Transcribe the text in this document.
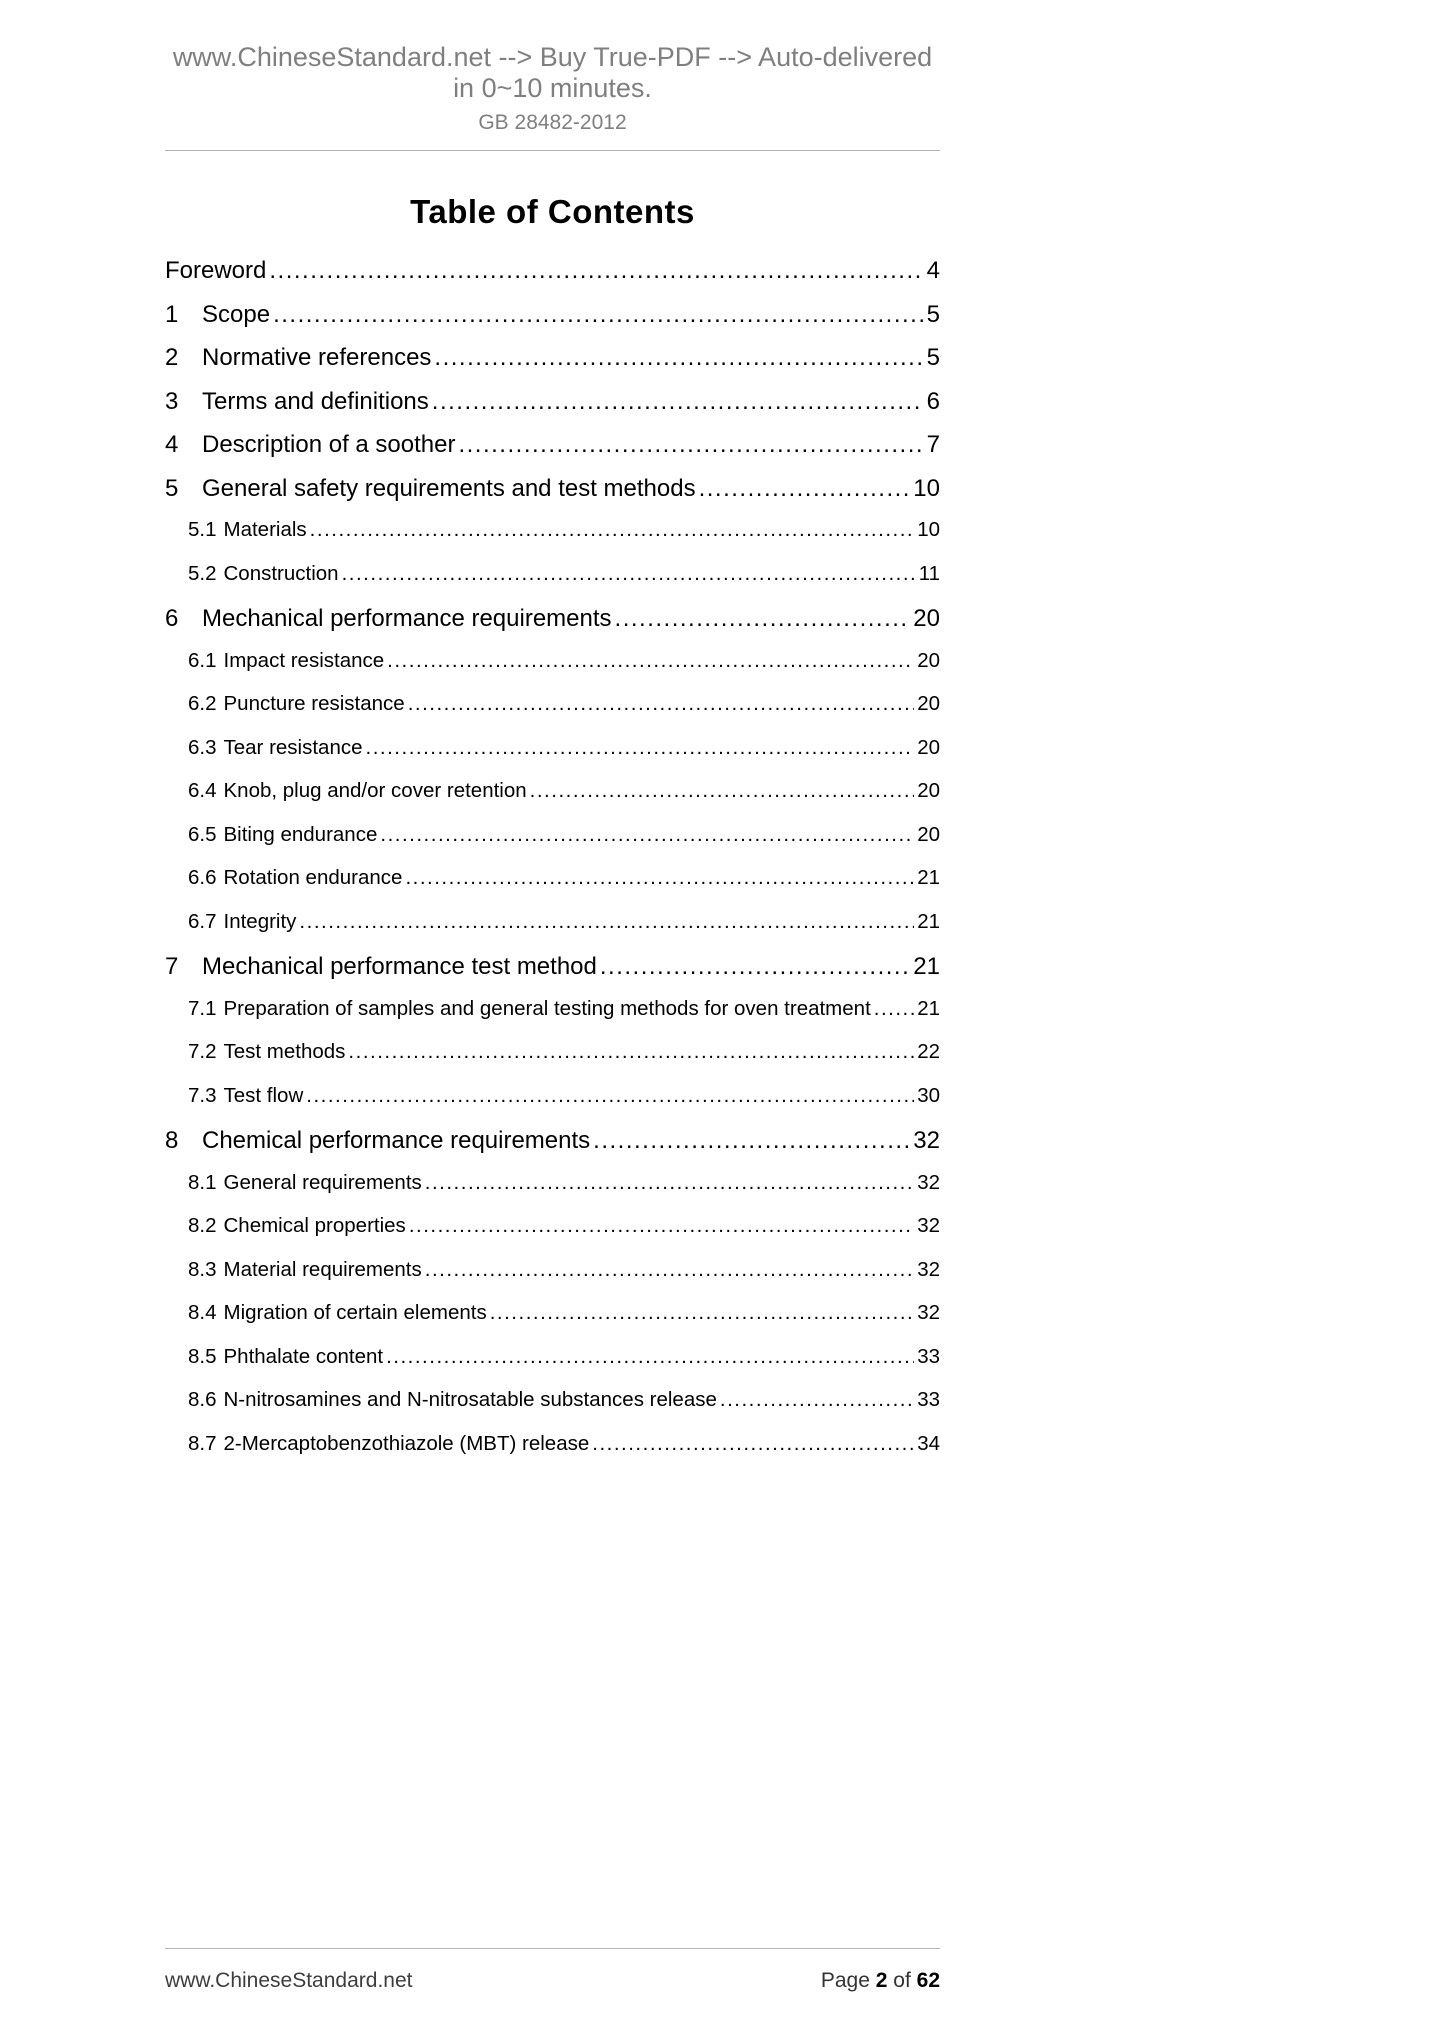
www.ChineseStandard.net --> Buy True-PDF --> Auto-delivered in 0~10 minutes.
GB 28482-2012
Table of Contents
Foreword .....	4
1 Scope .....	5
2 Normative references .....	5
3 Terms and definitions .....	6
4 Description of a soother .....	7
5 General safety requirements and test methods .....	10
5.1 Materials .....	10
5.2 Construction .....	11
6 Mechanical performance requirements .....	20
6.1 Impact resistance .....	20
6.2 Puncture resistance .....	20
6.3 Tear resistance .....	20
6.4 Knob, plug and/or cover retention .....	20
6.5 Biting endurance .....	20
6.6 Rotation endurance .....	21
6.7 Integrity .....	21
7 Mechanical performance test method .....	21
7.1 Preparation of samples and general testing methods for oven treatment ..... 21
7.2 Test methods .....	22
7.3 Test flow .....	30
8 Chemical performance requirements .....	32
8.1 General requirements .....	32
8.2 Chemical properties .....	32
8.3 Material requirements .....	32
8.4 Migration of certain elements .....	32
8.5 Phthalate content .....	33
8.6 N-nitrosamines and N-nitrosatable substances release .....	33
8.7 2-Mercaptobenzothiazole (MBT) release .....	34
www.ChineseStandard.net	Page 2 of 62
